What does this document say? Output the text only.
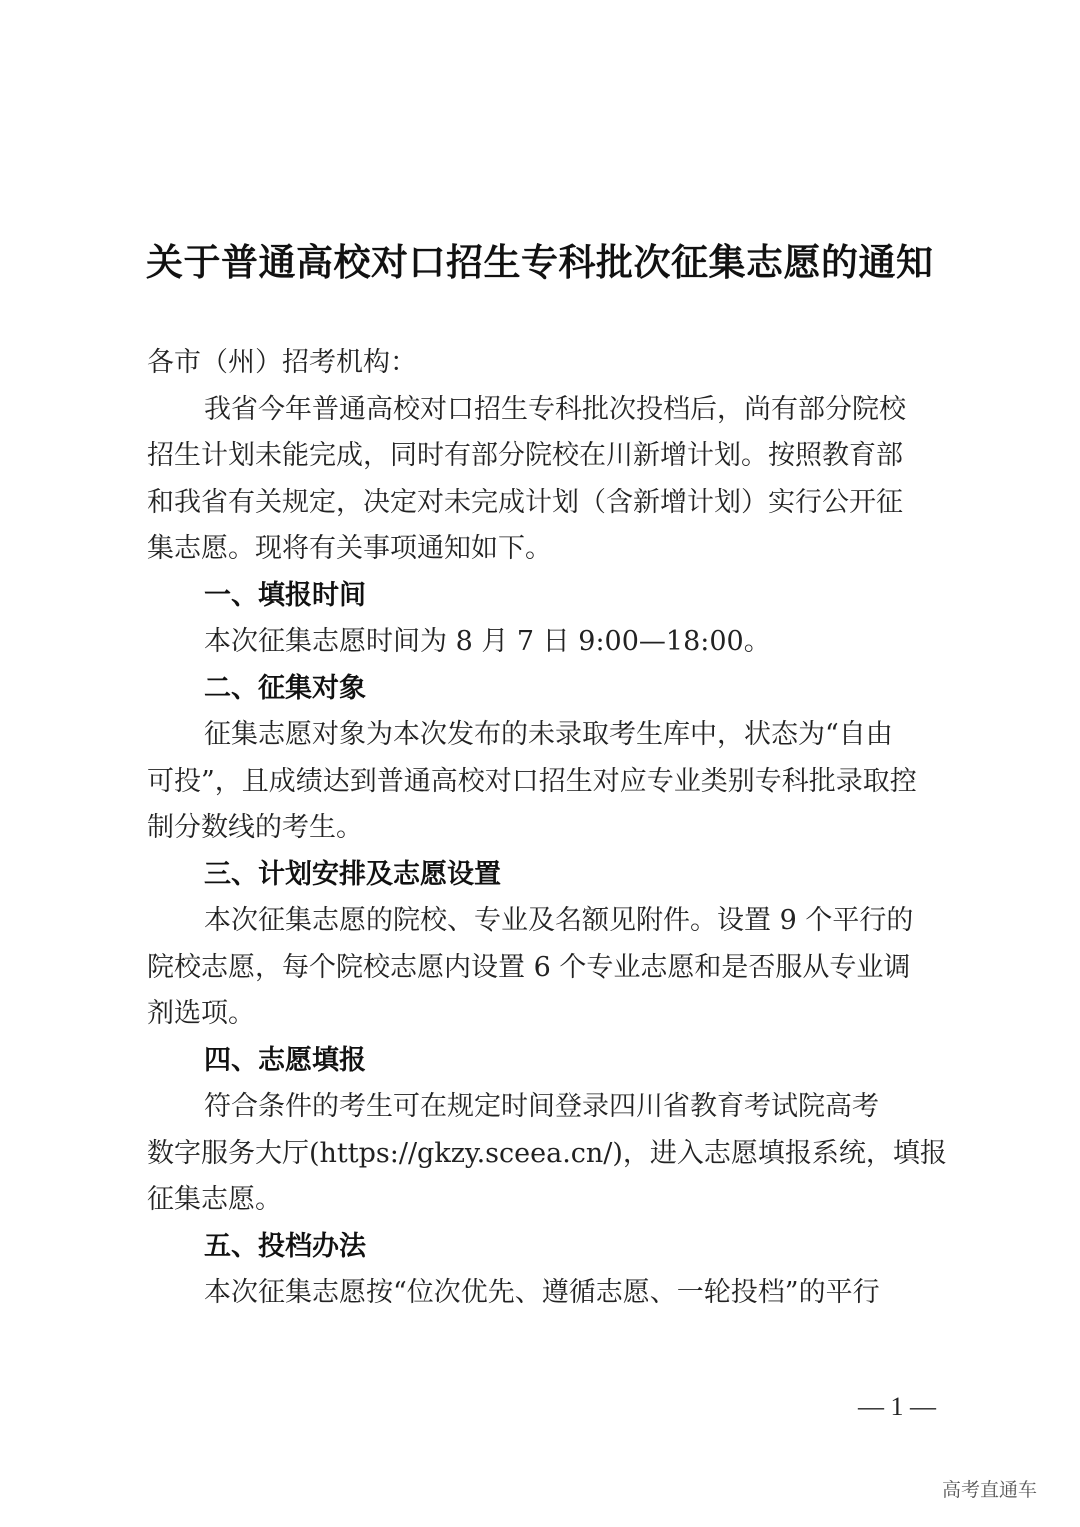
关于普通高校对口招生专科批次征集志愿的通知
各市（州）招考机构：
我省今年普通高校对口招生专科批次投档后，尚有部分院校
招生计划未能完成，同时有部分院校在川新增计划。按照教育部
和我省有关规定，决定对未完成计划（含新增计划）实行公开征
集志愿。现将有关事项通知如下。
一、填报时间
本次征集志愿时间为 8 月 7 日 9:00—18:00。
二、征集对象
征集志愿对象为本次发布的未录取考生库中，状态为“自由
可投”，且成绩达到普通高校对口招生对应专业类别专科批录取控
制分数线的考生。
三、计划安排及志愿设置
本次征集志愿的院校、专业及名额见附件。设置 9 个平行的
院校志愿，每个院校志愿内设置 6 个专业志愿和是否服从专业调
剂选项。
四、志愿填报
符合条件的考生可在规定时间登录四川省教育考试院高考
数字服务大厅(https://gkzy.sceea.cn/)，进入志愿填报系统，填报
征集志愿。
五、投档办法
本次征集志愿按“位次优先、遵循志愿、一轮投档”的平行
— 1 —
高考直通车
